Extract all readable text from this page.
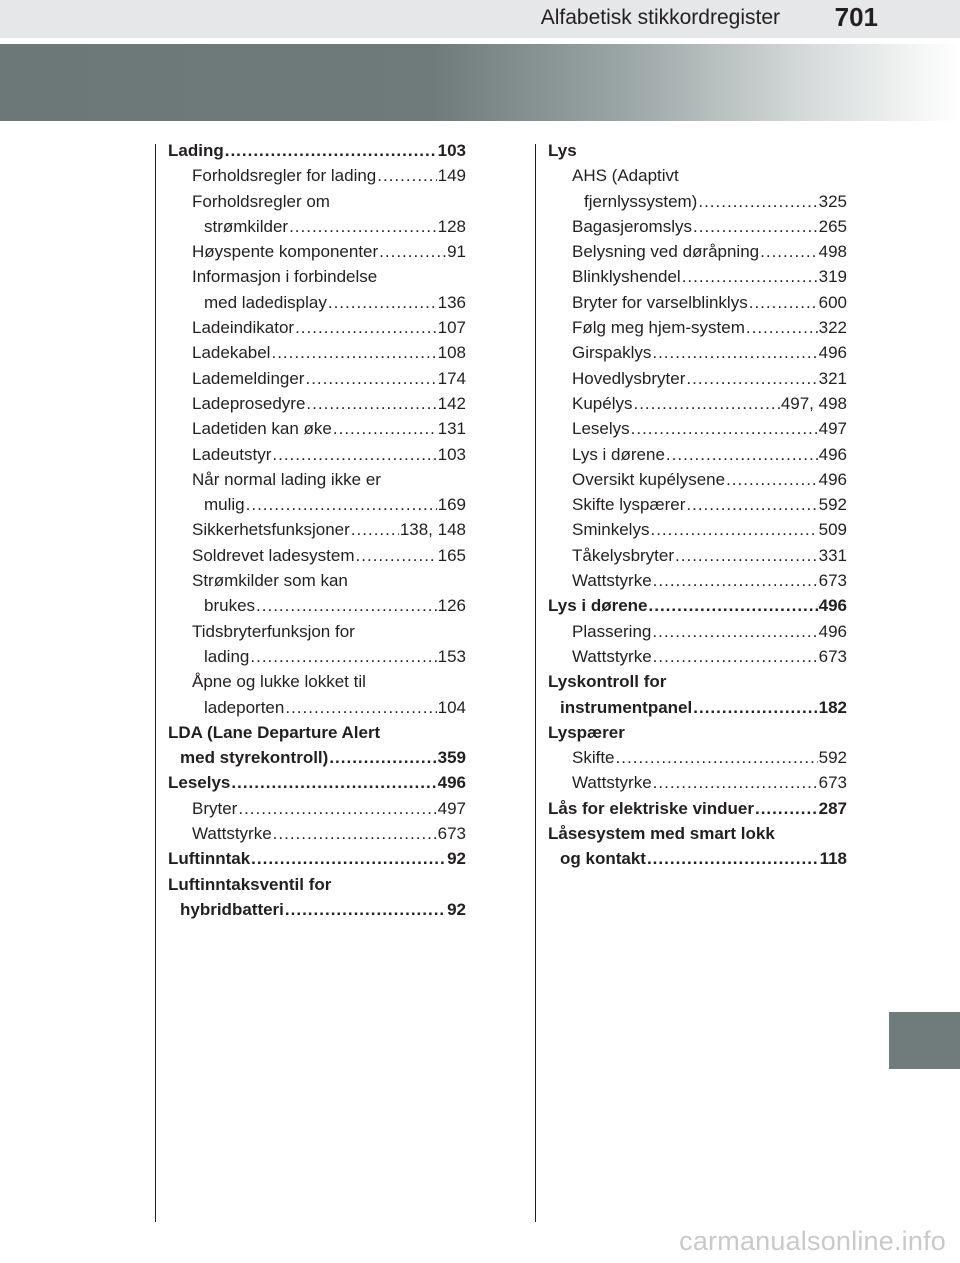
Alfabetisk stikkordregister 701
Lading .....	103
Forholdsregler for lading .....	149
Forholdsregler om
strømkilder .....	128
Høyspente komponenter .....	91
Informasjon i forbindelse
med ladedisplay .....	136
Ladeindikator .....	107
Ladekabel .....	108
Lademeldinger .....	174
Ladeprosedyre .....	142
Ladetiden kan øke .....	131
Ladeutstyr .....	103
Når normal lading ikke er
mulig .....	169
Sikkerhetsfunksjoner .....	138, 148
Soldrevet ladesystem .....	165
Strømkilder som kan
brukes .....	126
Tidsbryterfunksjon for
lading .....	153
Åpne og lukke lokket til
ladeporten .....	104
LDA (Lane Departure Alert
med styrekontroll) .....	359
Leselys .....	496
Bryter .....	497
Wattstyrke .....	673
Luftinntak .....	92
Luftinntaksventil for
hybridbatteri .....	92
Lys
AHS (Adaptivt
fjernlyssystem) .....	325
Bagasjeromslys .....	265
Belysning ved døråpning .....	498
Blinklyshendel .....	319
Bryter for varselblinklys .....	600
Følg meg hjem-system .....	322
Girspaklys .....	496
Hovedlysbryter .....	321
Kupélys .....	497, 498
Leselys .....	497
Lys i dørene .....	496
Oversikt kupélysene .....	496
Skifte lyspærer .....	592
Sminkelys .....	509
Tåkelysbryter .....	331
Wattstyrke .....	673
Lys i dørene .....	496
Plassering .....	496
Wattstyrke .....	673
Lyskontroll for
instrumentpanel .....	182
Lyspærer
Skifte .....	592
Wattstyrke .....	673
Lås for elektriske vinduer .....	287
Låsesystem med smart lokk
og kontakt .....	118
carmanualsonline.info
